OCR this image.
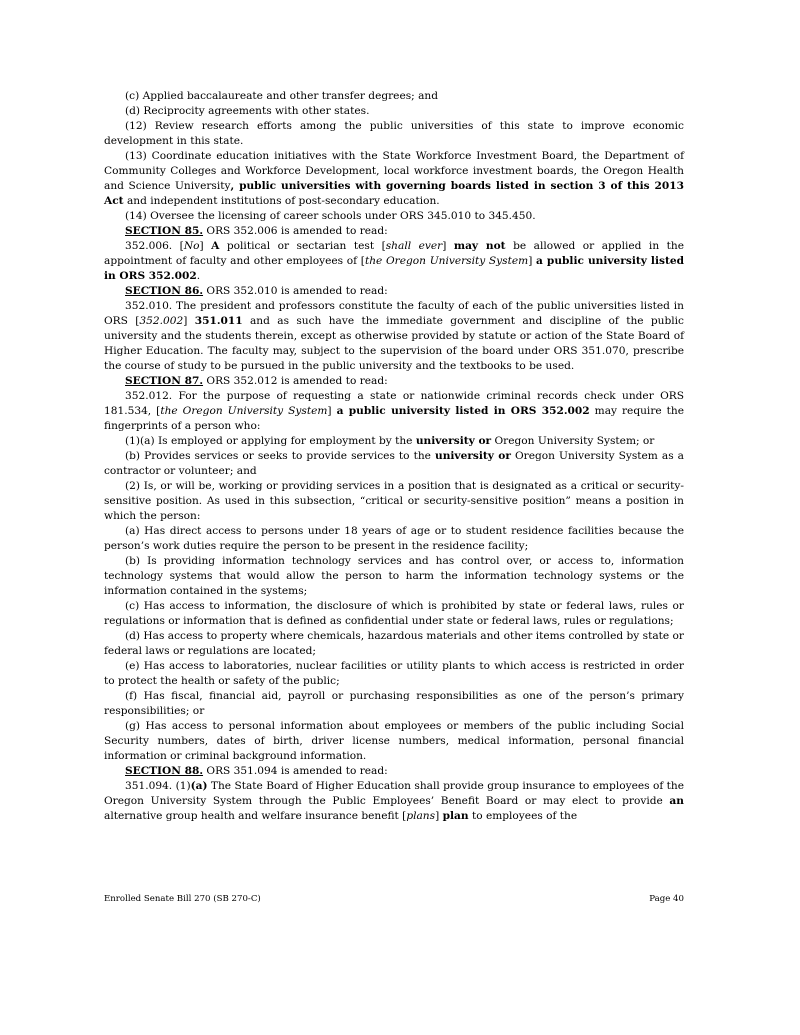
(c) Applied baccalaureate and other transfer degrees; and

(d) Reciprocity agreements with other states.

(12) Review research efforts among the public universities of this state to improve economic development in this state.

(13) Coordinate education initiatives with the State Workforce Investment Board, the Department of Community Colleges and Workforce Development, local workforce investment boards, the Oregon Health and Science University, public universities with governing boards listed in section 3 of this 2013 Act and independent institutions of post-secondary education.

(14) Oversee the licensing of career schools under ORS 345.010 to 345.450.

SECTION 85. ORS 352.006 is amended to read:

352.006. [No] A political or sectarian test [shall ever] may not be allowed or applied in the appointment of faculty and other employees of [the Oregon University System] a public university listed in ORS 352.002.

SECTION 86. ORS 352.010 is amended to read:

352.010. The president and professors constitute the faculty of each of the public universities listed in ORS [352.002] 351.011 and as such have the immediate government and discipline of the public university and the students therein, except as otherwise provided by statute or action of the State Board of Higher Education. The faculty may, subject to the supervision of the board under ORS 351.070, prescribe the course of study to be pursued in the public university and the textbooks to be used.

SECTION 87. ORS 352.012 is amended to read:

352.012. For the purpose of requesting a state or nationwide criminal records check under ORS 181.534, [the Oregon University System] a public university listed in ORS 352.002 may require the fingerprints of a person who:

(1)(a) Is employed or applying for employment by the university or Oregon University System; or

(b) Provides services or seeks to provide services to the university or Oregon University System as a contractor or volunteer; and

(2) Is, or will be, working or providing services in a position that is designated as a critical or security-sensitive position. As used in this subsection, “critical or security-sensitive position” means a position in which the person:

(a) Has direct access to persons under 18 years of age or to student residence facilities because the person’s work duties require the person to be present in the residence facility;

(b) Is providing information technology services and has control over, or access to, information technology systems that would allow the person to harm the information technology systems or the information contained in the systems;

(c) Has access to information, the disclosure of which is prohibited by state or federal laws, rules or regulations or information that is defined as confidential under state or federal laws, rules or regulations;

(d) Has access to property where chemicals, hazardous materials and other items controlled by state or federal laws or regulations are located;

(e) Has access to laboratories, nuclear facilities or utility plants to which access is restricted in order to protect the health or safety of the public;

(f) Has fiscal, financial aid, payroll or purchasing responsibilities as one of the person’s primary responsibilities; or

(g) Has access to personal information about employees or members of the public including Social Security numbers, dates of birth, driver license numbers, medical information, personal financial information or criminal background information.

SECTION 88. ORS 351.094 is amended to read:

351.094. (1)(a) The State Board of Higher Education shall provide group insurance to employees of the Oregon University System through the Public Employees’ Benefit Board or may elect to provide an alternative group health and welfare insurance benefit [plans] plan to employees of the

Enrolled Senate Bill 270 (SB 270-C)	Page 40
